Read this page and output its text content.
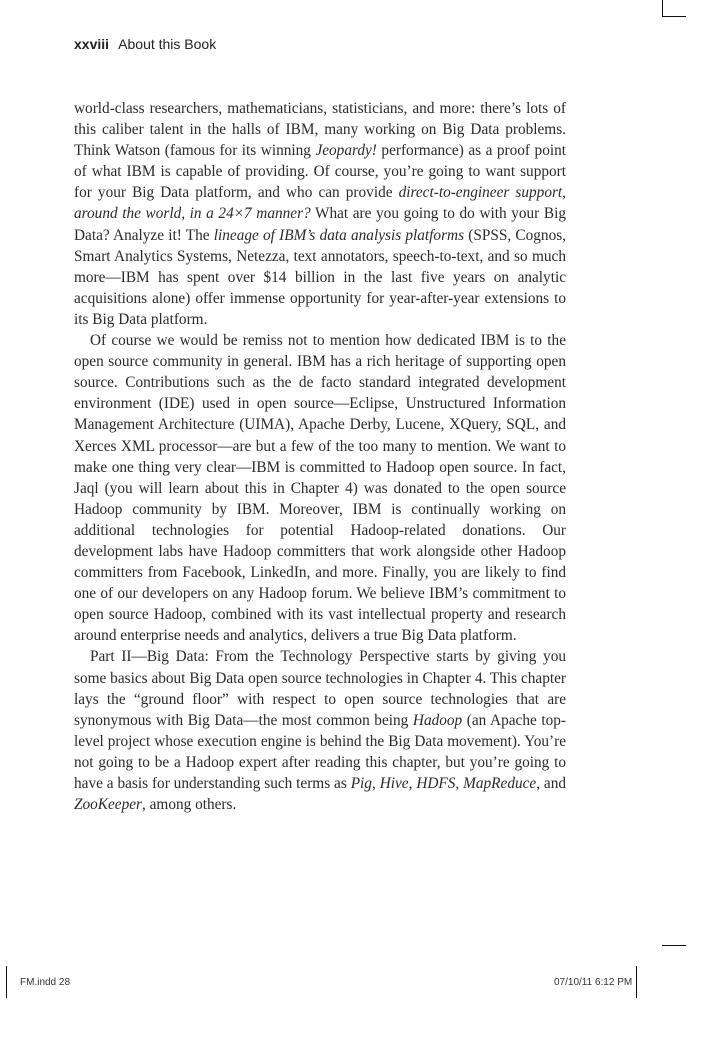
xxviii About this Book

world-class researchers, mathematicians, statisticians, and more: there’s lots of this caliber talent in the halls of IBM, many working on Big Data problems. Think Watson (famous for its winning Jeopardy! performance) as a proof point of what IBM is capable of providing. Of course, you’re going to want support for your Big Data platform, and who can provide direct-to-engineer support, around the world, in a 24×7 manner? What are you going to do with your Big Data? Analyze it! The lineage of IBM’s data analysis platforms (SPSS, Cognos, Smart Analytics Systems, Netezza, text annotators, speech-to-text, and so much more—IBM has spent over $14 billion in the last five years on analytic acquisitions alone) offer immense opportunity for year-after-year extensions to its Big Data platform.

Of course we would be remiss not to mention how dedicated IBM is to the open source community in general. IBM has a rich heritage of supporting open source. Contributions such as the de facto standard integrated development environment (IDE) used in open source—Eclipse, Unstructured Information Management Architecture (UIMA), Apache Derby, Lucene, XQuery, SQL, and Xerces XML processor—are but a few of the too many to mention. We want to make one thing very clear—IBM is committed to Hadoop open source. In fact, Jaql (you will learn about this in Chapter 4) was donated to the open source Hadoop community by IBM. Moreover, IBM is continually working on additional technologies for potential Hadoop-related donations. Our development labs have Hadoop committers that work alongside other Hadoop committers from Facebook, LinkedIn, and more. Finally, you are likely to find one of our developers on any Hadoop forum. We believe IBM’s commitment to open source Hadoop, combined with its vast intellectual property and research around enterprise needs and analytics, delivers a true Big Data platform.

Part II—Big Data: From the Technology Perspective starts by giving you some basics about Big Data open source technologies in Chapter 4. This chapter lays the “ground floor” with respect to open source technologies that are synonymous with Big Data—the most common being Hadoop (an Apache top-level project whose execution engine is behind the Big Data movement). You’re not going to be a Hadoop expert after reading this chapter, but you’re going to have a basis for understanding such terms as Pig, Hive, HDFS, MapReduce, and ZooKeeper, among others.

FM.indd 28	07/10/11 6:12 PM
